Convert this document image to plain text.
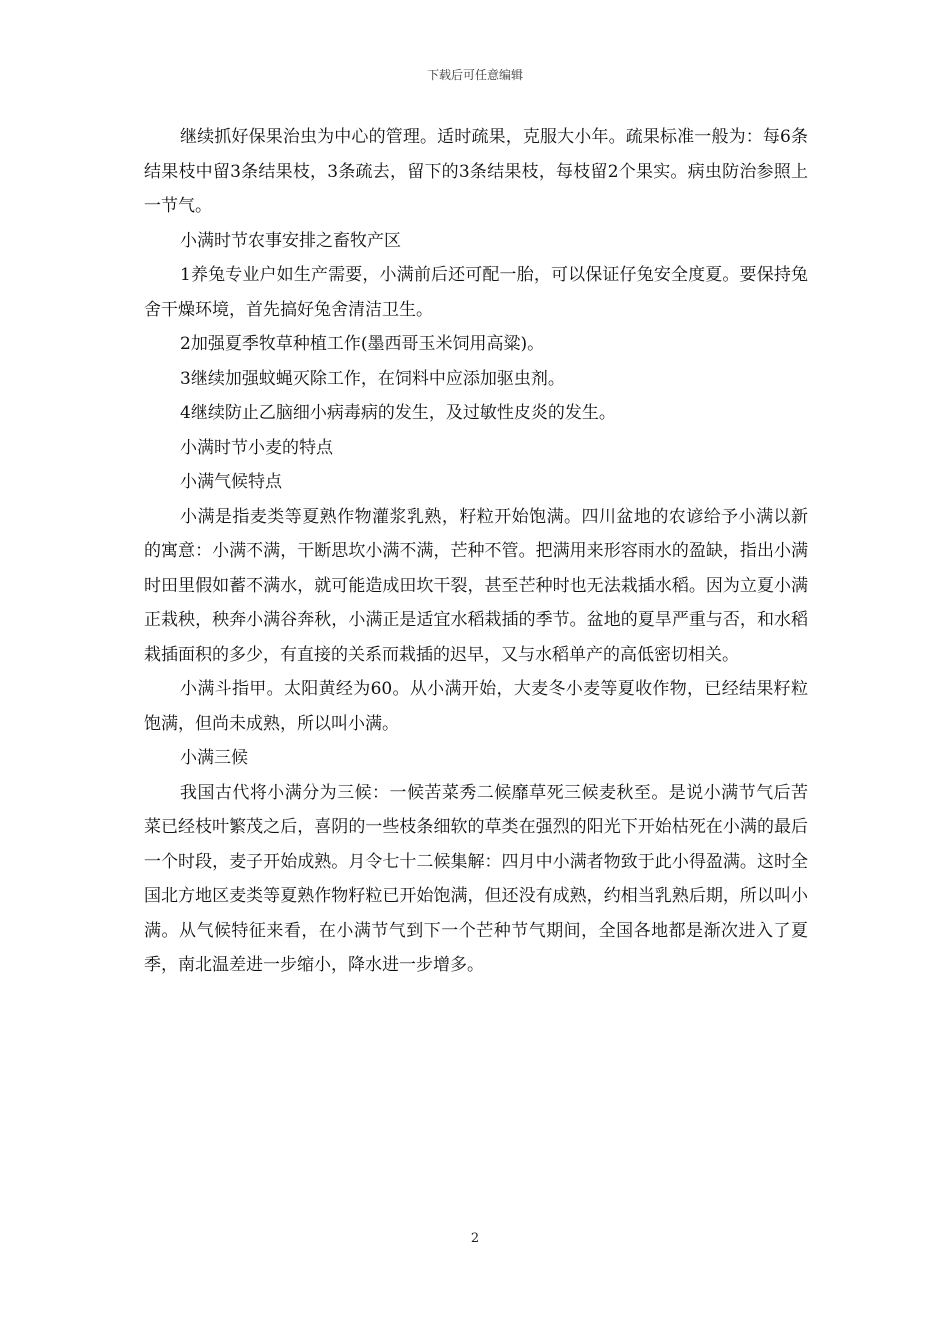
下载后可任意编辑

继续抓好保果治虫为中心的管理。适时疏果，克服大小年。疏果标准一般为：每6条结果枝中留3条结果枝，3条疏去，留下的3条结果枝，每枝留2个果实。病虫防治参照上一节气。

小满时节农事安排之畜牧产区

1养兔专业户如生产需要，小满前后还可配一胎，可以保证仔兔安全度夏。要保持兔舍干燥环境，首先搞好兔舍清洁卫生。

2加强夏季牧草种植工作(墨西哥玉米饲用高粱)。

3继续加强蚊蝇灭除工作，在饲料中应添加驱虫剂。

4继续防止乙脑细小病毒病的发生，及过敏性皮炎的发生。

小满时节小麦的特点

小满气候特点

小满是指麦类等夏熟作物灌浆乳熟，籽粒开始饱满。四川盆地的农谚给予小满以新的寓意：小满不满，干断思坎小满不满，芒种不管。把满用来形容雨水的盈缺，指出小满时田里假如蓄不满水，就可能造成田坎干裂，甚至芒种时也无法栽插水稻。因为立夏小满正栽秧，秧奔小满谷奔秋，小满正是适宜水稻栽插的季节。盆地的夏旱严重与否，和水稻栽插面积的多少，有直接的关系而栽插的迟早，又与水稻单产的高低密切相关。

小满斗指甲。太阳黄经为60。从小满开始，大麦冬小麦等夏收作物，已经结果籽粒饱满，但尚未成熟，所以叫小满。

小满三候

我国古代将小满分为三候：一候苦菜秀二候靡草死三候麦秋至。是说小满节气后苦菜已经枝叶繁茂之后，喜阴的一些枝条细软的草类在强烈的阳光下开始枯死在小满的最后一个时段，麦子开始成熟。月令七十二候集解：四月中小满者物致于此小得盈满。这时全国北方地区麦类等夏熟作物籽粒已开始饱满，但还没有成熟，约相当乳熟后期，所以叫小满。从气候特征来看，在小满节气到下一个芒种节气期间，全国各地都是渐次进入了夏季，南北温差进一步缩小，降水进一步增多。

2
